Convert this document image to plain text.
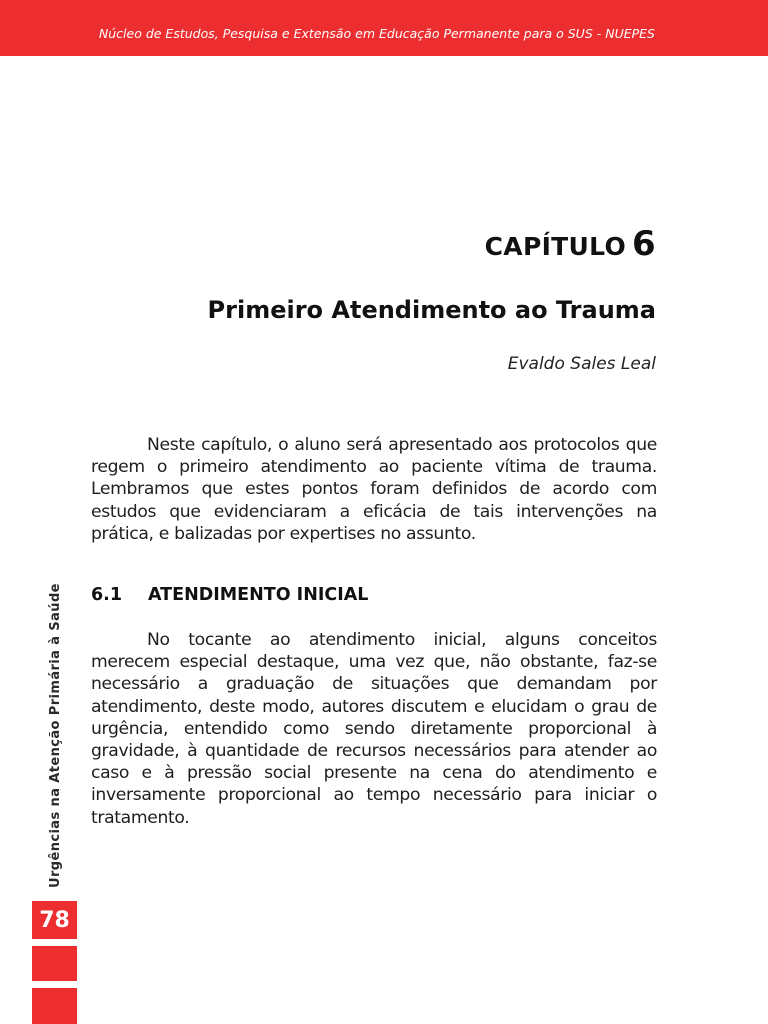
Núcleo de Estudos, Pesquisa e Extensão em Educação Permanente para o SUS - NUEPES
CAPÍTULO 6
Primeiro Atendimento ao Trauma
Evaldo Sales Leal

Neste capítulo, o aluno será apresentado aos protocolos que regem o primeiro atendimento ao paciente vítima de trauma. Lembramos que estes pontos foram definidos de acordo com estudos que evidenciaram a eficácia de tais intervenções na prática, e balizadas por expertises no assunto.

6.1 ATENDIMENTO INICIAL

No tocante ao atendimento inicial, alguns conceitos merecem especial destaque, uma vez que, não obstante, faz-se necessário a graduação de situações que demandam por atendimento, deste modo, autores discutem e elucidam o grau de urgência, entendido como sendo diretamente proporcional à gravidade, à quantidade de recursos necessários para atender ao caso e à pressão social presente na cena do atendimento e inversamente proporcional ao tempo necessário para iniciar o tratamento.

Urgências na Atenção Primária à Saúde
78
